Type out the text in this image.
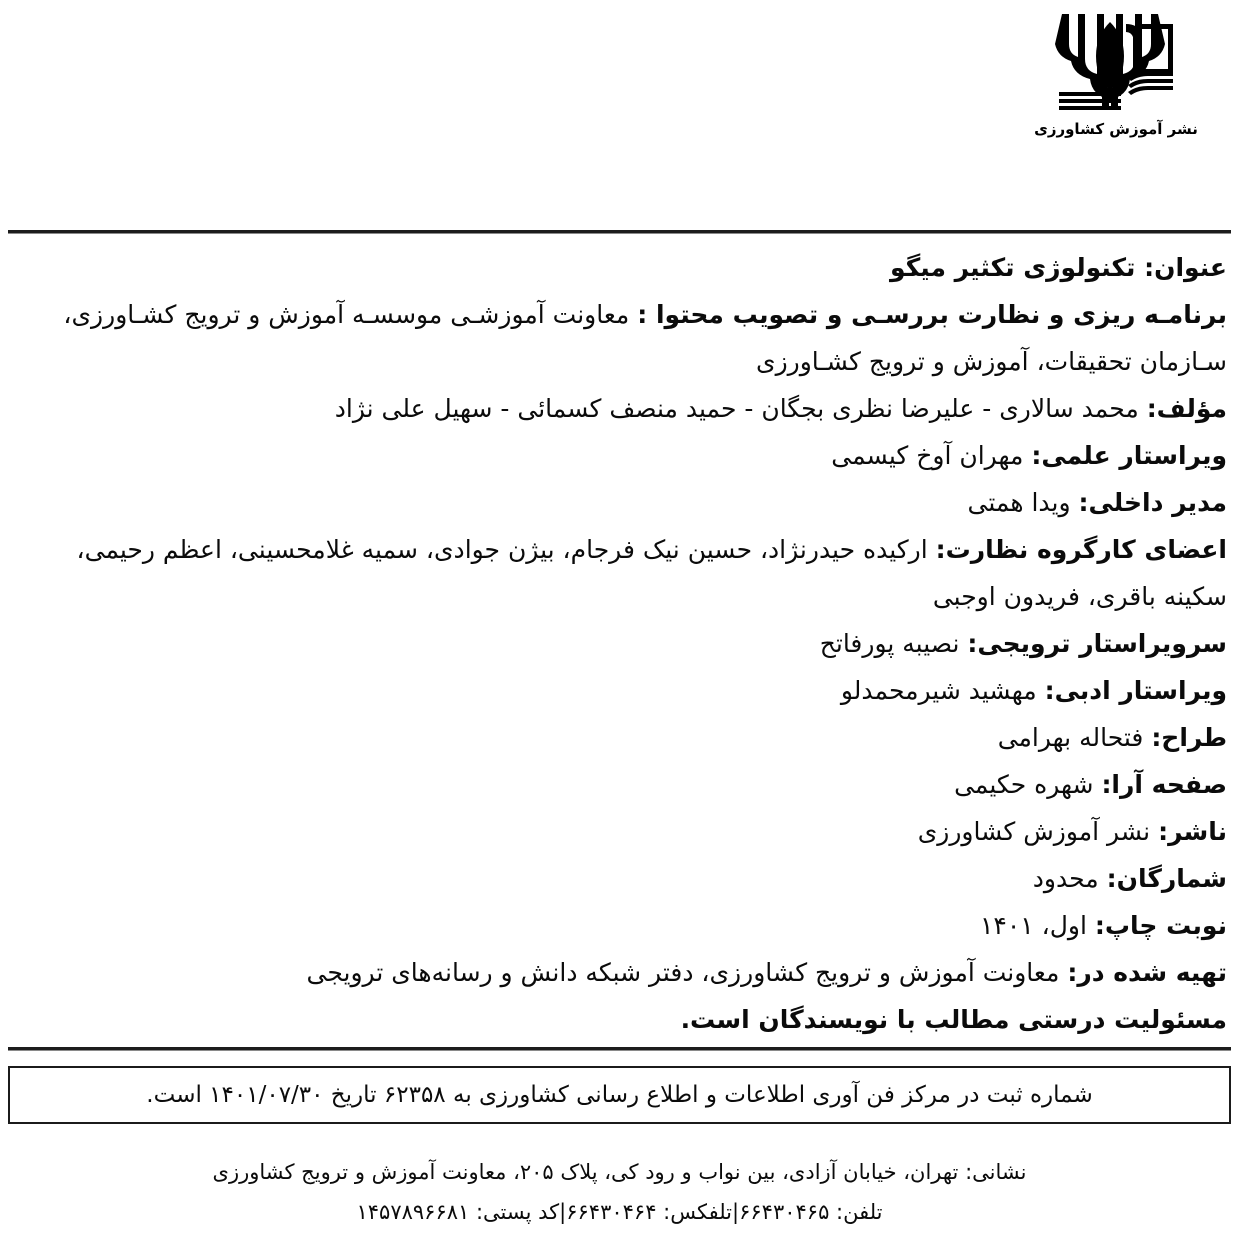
نشر آموزش کشاورزی
عنوان: تکنولوژی تکثیر میگو
برنامـه ریزی و نظارت بررسـی و تصویب محتوا : معاونت آموزشـی موسسـه آموزش و ترویج کشـاورزی، سـازمان تحقیقات، آموزش و ترویج کشـاورزی
مؤلف: محمد سالاری - علیرضا نظری بجگان - حمید منصف کسمائی - سهیل علی نژاد
ویراستار علمی: مهران آوخ کیسمی
مدیر داخلی: ویدا همتی
اعضای کارگروه نظارت: ارکیده حیدرنژاد، حسین نیک فرجام، بیژن جوادی، سمیه غلامحسینی، اعظم رحیمی، سکینه باقری، فریدون اوجبی
سرویراستار ترویجی: نصیبه پورفاتح
ویراستار ادبی: مهشید شیرمحمدلو
طراح: فتحاله بهرامی
صفحه آرا: شهره حکیمی
ناشر: نشر آموزش کشاورزی
شمارگان: محدود
نوبت چاپ: اول، ۱۴۰۱
تهیه شده در: معاونت آموزش و ترویج کشاورزی، دفتر شبکه دانش و رسانه‌های ترویجی
مسئولیت درستی مطالب با نویسندگان است.
شماره ثبت در مرکز فن آوری اطلاعات و اطلاع رسانی کشاورزی به ۶۲۳۵۸ تاریخ ۱۴۰۱/۰۷/۳۰ است.
نشانی: تهران، خیابان آزادی، بین نواب و رود کی، پلاک ۲۰۵، معاونت آموزش و ترویج کشاورزی
تلفن: ۶۶۴۳۰۴۶۵|تلفکس: ۶۶۴۳۰۴۶۴|کد پستی: ۱۴۵۷۸۹۶۶۸۱
